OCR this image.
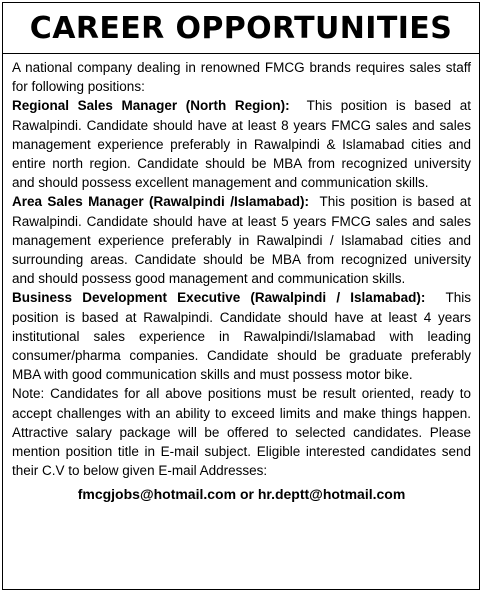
CAREER OPPORTUNITIES

A national company dealing in renowned FMCG brands requires sales staff for following positions:

Regional Sales Manager (North Region): This position is based at Rawalpindi. Candidate should have at least 8 years FMCG sales and sales management experience preferably in Rawalpindi & Islamabad cities and entire north region. Candidate should be MBA from recognized university and should possess excellent management and communication skills.

Area Sales Manager (Rawalpindi /Islamabad): This position is based at Rawalpindi. Candidate should have at least 5 years FMCG sales and sales management experience preferably in Rawalpindi / Islamabad cities and surrounding areas. Candidate should be MBA from recognized university and should possess good management and communication skills.

Business Development Executive (Rawalpindi / Islamabad): This position is based at Rawalpindi. Candidate should have at least 4 years institutional sales experience in Rawalpindi/Islamabad with leading consumer/pharma companies. Candidate should be graduate preferably MBA with good communication skills and must possess motor bike.

Note: Candidates for all above positions must be result oriented, ready to accept challenges with an ability to exceed limits and make things happen. Attractive salary package will be offered to selected candidates. Please mention position title in E-mail subject. Eligible interested candidates send their C.V to below given E-mail Addresses:

fmcgjobs@hotmail.com or hr.deptt@hotmail.com
